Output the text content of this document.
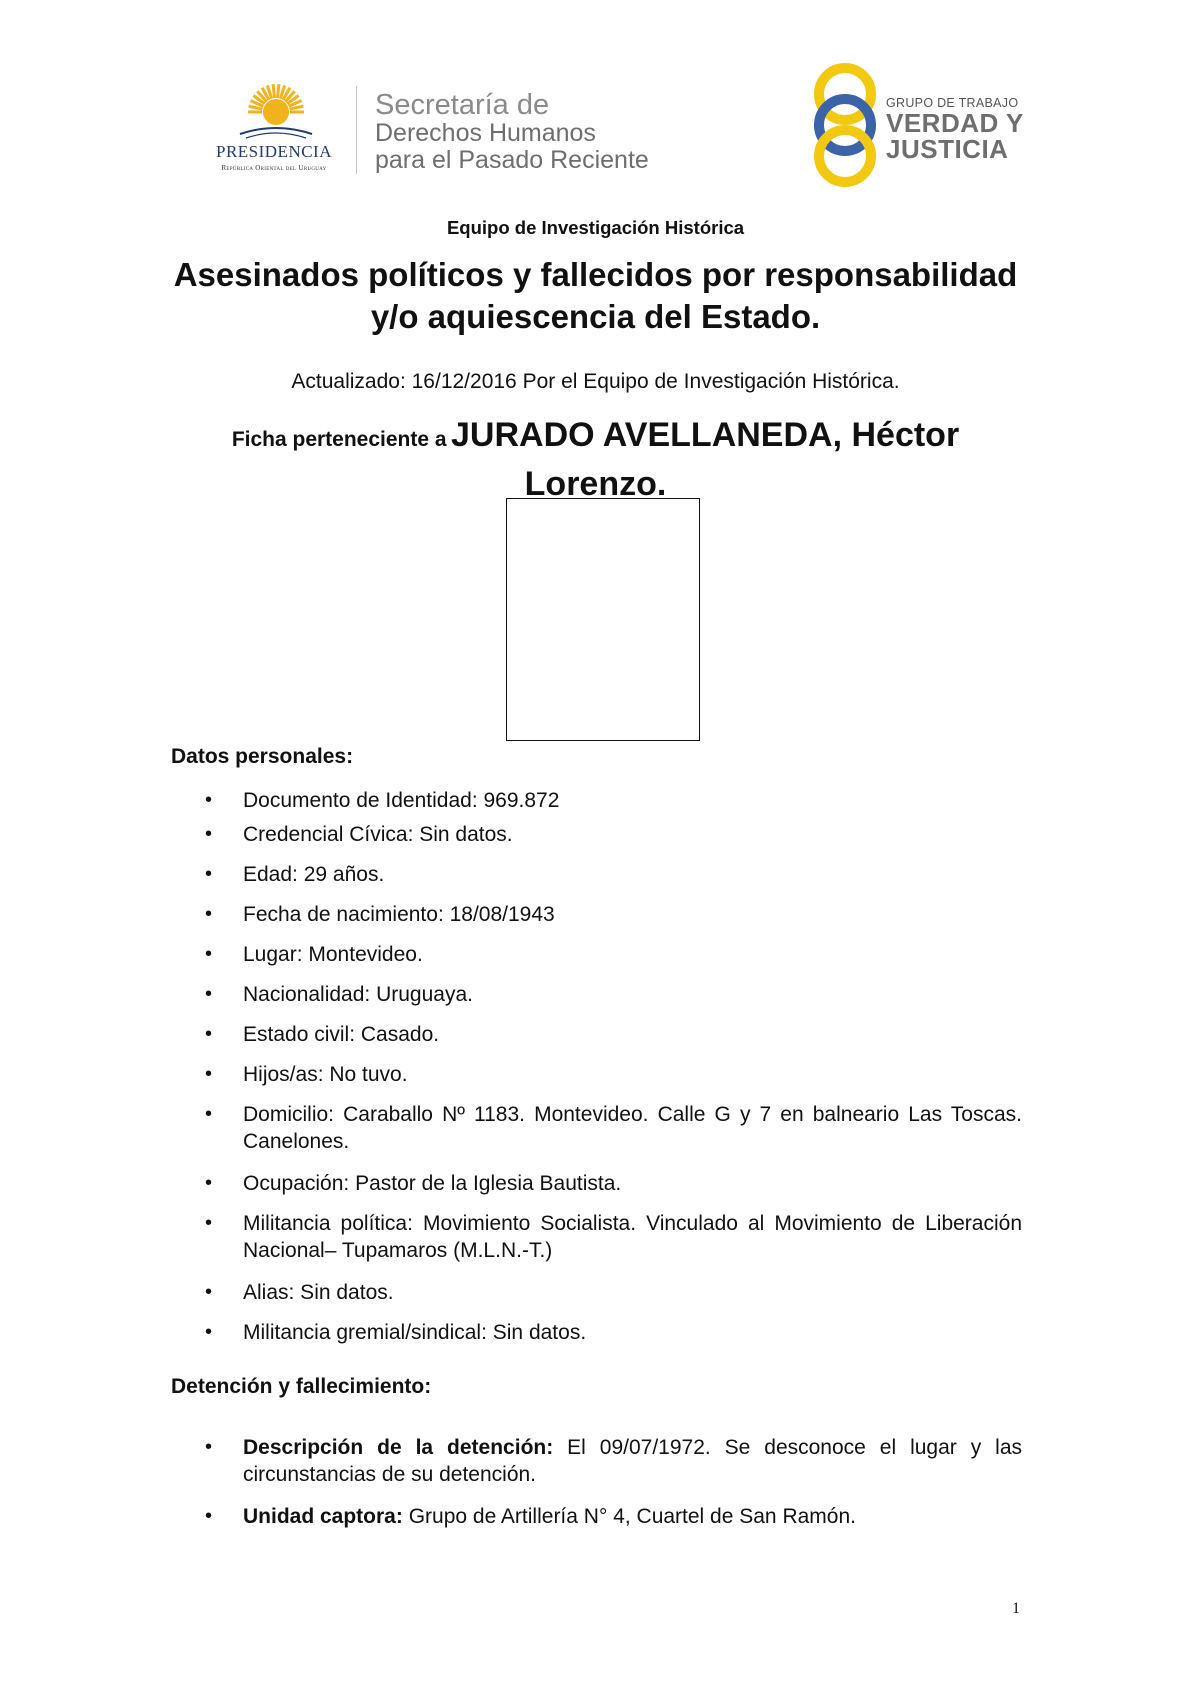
PRESIDENCIA
República Oriental del Uruguay
Secretaría de
Derechos Humanos
para el Pasado Reciente
GRUPO DE TRABAJO
VERDAD Y
JUSTICIA
Equipo de Investigación Histórica
Asesinados políticos y fallecidos por responsabilidad y/o aquiescencia del Estado.
Actualizado: 16/12/2016 Por el Equipo de Investigación Histórica.
Ficha perteneciente a JURADO AVELLANEDA, Héctor Lorenzo.
Datos personales:
• Documento de Identidad: 969.872
• Credencial Cívica: Sin datos.
• Edad: 29 años.
• Fecha de nacimiento: 18/08/1943
• Lugar: Montevideo.
• Nacionalidad: Uruguaya.
• Estado civil: Casado.
• Hijos/as: No tuvo.
• Domicilio: Caraballo Nº 1183. Montevideo. Calle G y 7 en balneario Las Toscas. Canelones.
• Ocupación: Pastor de la Iglesia Bautista.
• Militancia política: Movimiento Socialista. Vinculado al Movimiento de Liberación Nacional– Tupamaros (M.L.N.-T.)
• Alias: Sin datos.
• Militancia gremial/sindical: Sin datos.
Detención y fallecimiento:
• Descripción de la detención: El 09/07/1972. Se desconoce el lugar y las circunstancias de su detención.
• Unidad captora: Grupo de Artillería N° 4, Cuartel de San Ramón.
1
